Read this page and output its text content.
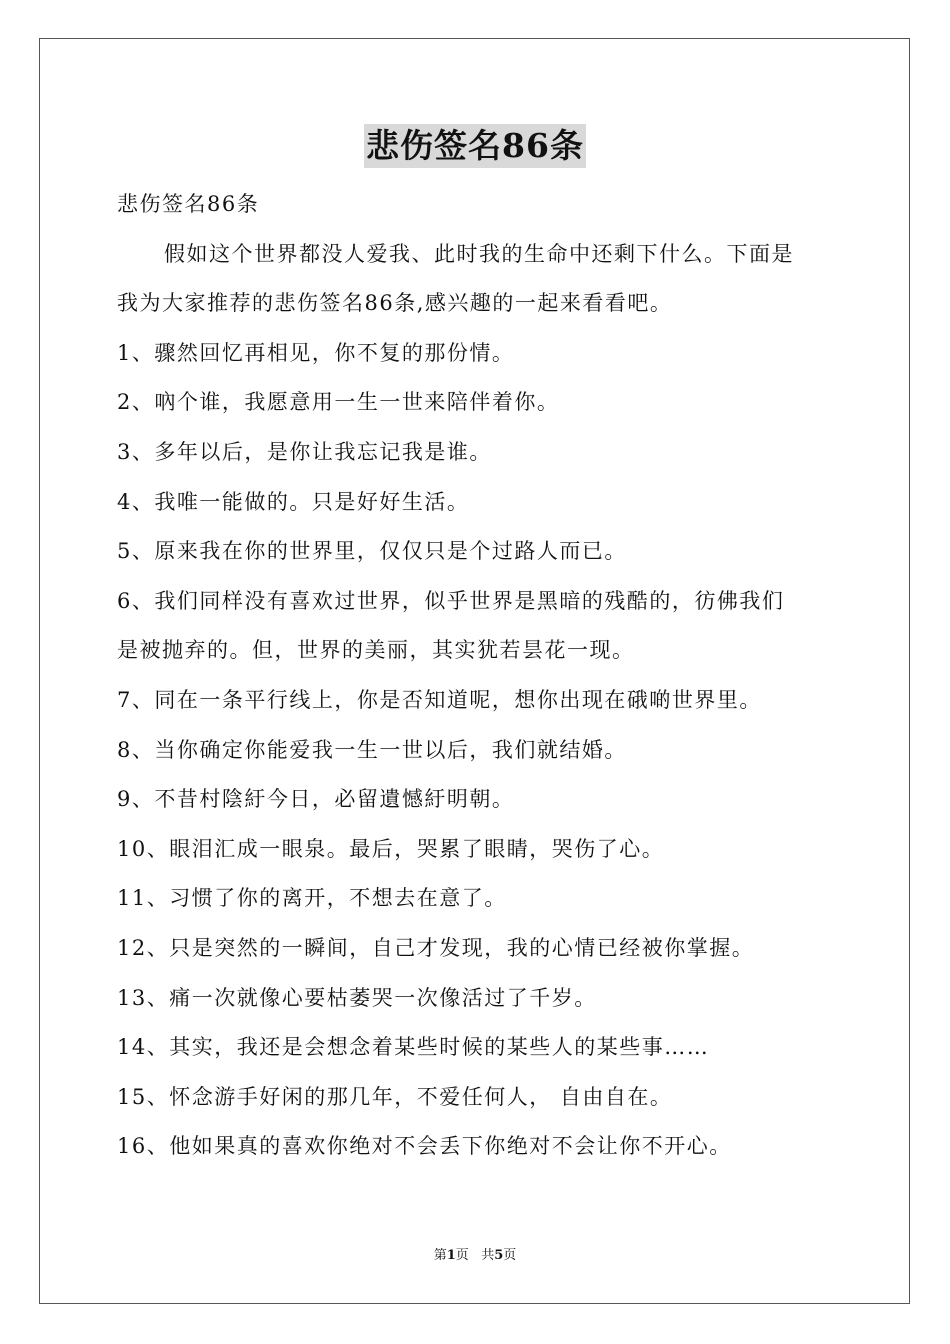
悲伤签名86条
悲伤签名86条
假如这个世界都没人爱我、此时我的生命中还剩下什么。下面是
我为大家推荐的悲伤签名86条,感兴趣的一起来看看吧。
1、骤然回忆再相见，你不复的那份情。
2、吶个谁，我愿意用一生一世来陪伴着你。
3、多年以后，是你让我忘记我是谁。
4、我唯一能做的。只是好好生活。
5、原来我在你的世界里，仅仅只是个过路人而已。
6、我们同样没有喜欢过世界，似乎世界是黑暗的残酷的，彷佛我们
是被抛弃的。但，世界的美丽，其实犹若昙花一现。
7、同在一条平行线上，你是否知道呢，想你出现在硪啲世界里。
8、当你确定你能爱我一生一世以后，我们就结婚。
9、不昔村陰紆今日，必留遺憾紆明朝。
10、眼泪汇成一眼泉。最后，哭累了眼睛，哭伤了心。
11、习惯了你的离开，不想去在意了。
12、只是突然的一瞬间，自己才发现，我的心情已经被你掌握。
13、痛一次就像心要枯萎哭一次像活过了千岁。
14、其实，我还是会想念着某些时候的某些人的某些事……
15、怀念游手好闲的那几年，不爱任何人， 自由自在。
16、他如果真的喜欢你绝对不会丢下你绝对不会让你不开心。
第1页   共5页
